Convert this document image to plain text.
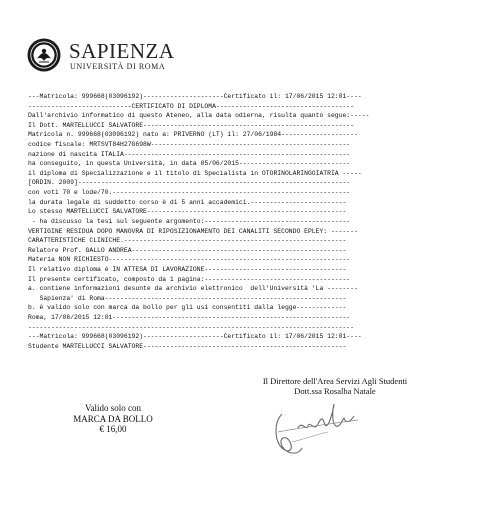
SAPIENZA
UNIVERSITÀ DI ROMA
---Matricola: 999668(03096192)---------------------Certificato il: 17/06/2015 12:01----
---------------------------CERTIFICATO DI DIPLOMA------------------------------------
Dall'archivio informatico di questo Ateneo, alla data odierna, risulta quanto segue:-----
Il Dott. MARTELLUCCI SALVATORE-------------------------------------------------------
Matricola n. 999668(03096192) nato a: PRIVERNO (LT) il: 27/06/1984--------------------
codice fiscale: MRTSVT84H27G698W----------------------------------------------------
nazione di nascita ITALIA-----------------------------------------------------------
ha conseguito, in questa Università, in data 05/06/2015-----------------------------
il diploma di Specializzazione e il titolo di Specialista in OTORINOLARINGOIATRIA -----
[ORDIN. 2009]-----------------------------------------------------------------------
con voti 70 e lode/70.--------------------------------------------------------------
la durata legale di suddetto corso è di 5 anni accademici.-------------------------
Lo stesso MARTELLUCCI SALVATORE----------------------------------------------------
- ha discusso la tesi sul seguente argomento:--------------------------------------
VERTIGINE RESIDUA DOPO MANOVRA DI RIPOSIZIONAMENTO DEI CANALITI SECONDO EPLEY: -------
CARATTERISTICHE CLINICHE.----------------------------------------------------------
Relatore Prof. GALLO ANDREA--------------------------------------------------------
Materia NON RICHIESTO---------------------------------------------------------------
Il relativo diploma è IN ATTESA DI LAVORAZIONE-------------------------------------
Il presente certificato, composto da 1 pagina:--------------------------------------
a. contiene informazioni desunte da archivio elettronico  dell'Università 'La --------
Sapienza' di Roma---------------------------------------------------------------
b. è valido solo con marca da bollo per gli usi consentiti dalla legge-------------
Roma, 17/06/2015 12:01--------------------------------------------------------------
-------------------------------------------------------------------------------------
---Matricola: 999668(03096192)---------------------Certificato il: 17/06/2015 12:01----
Studente MARTELLUCCI SALVATORE-----------------------------------------------------
Valido solo con
MARCA DA BOLLO
€ 16,00
Il Direttore dell'Area Servizi Agli Studenti
Dott.ssa Rosalba Natale
